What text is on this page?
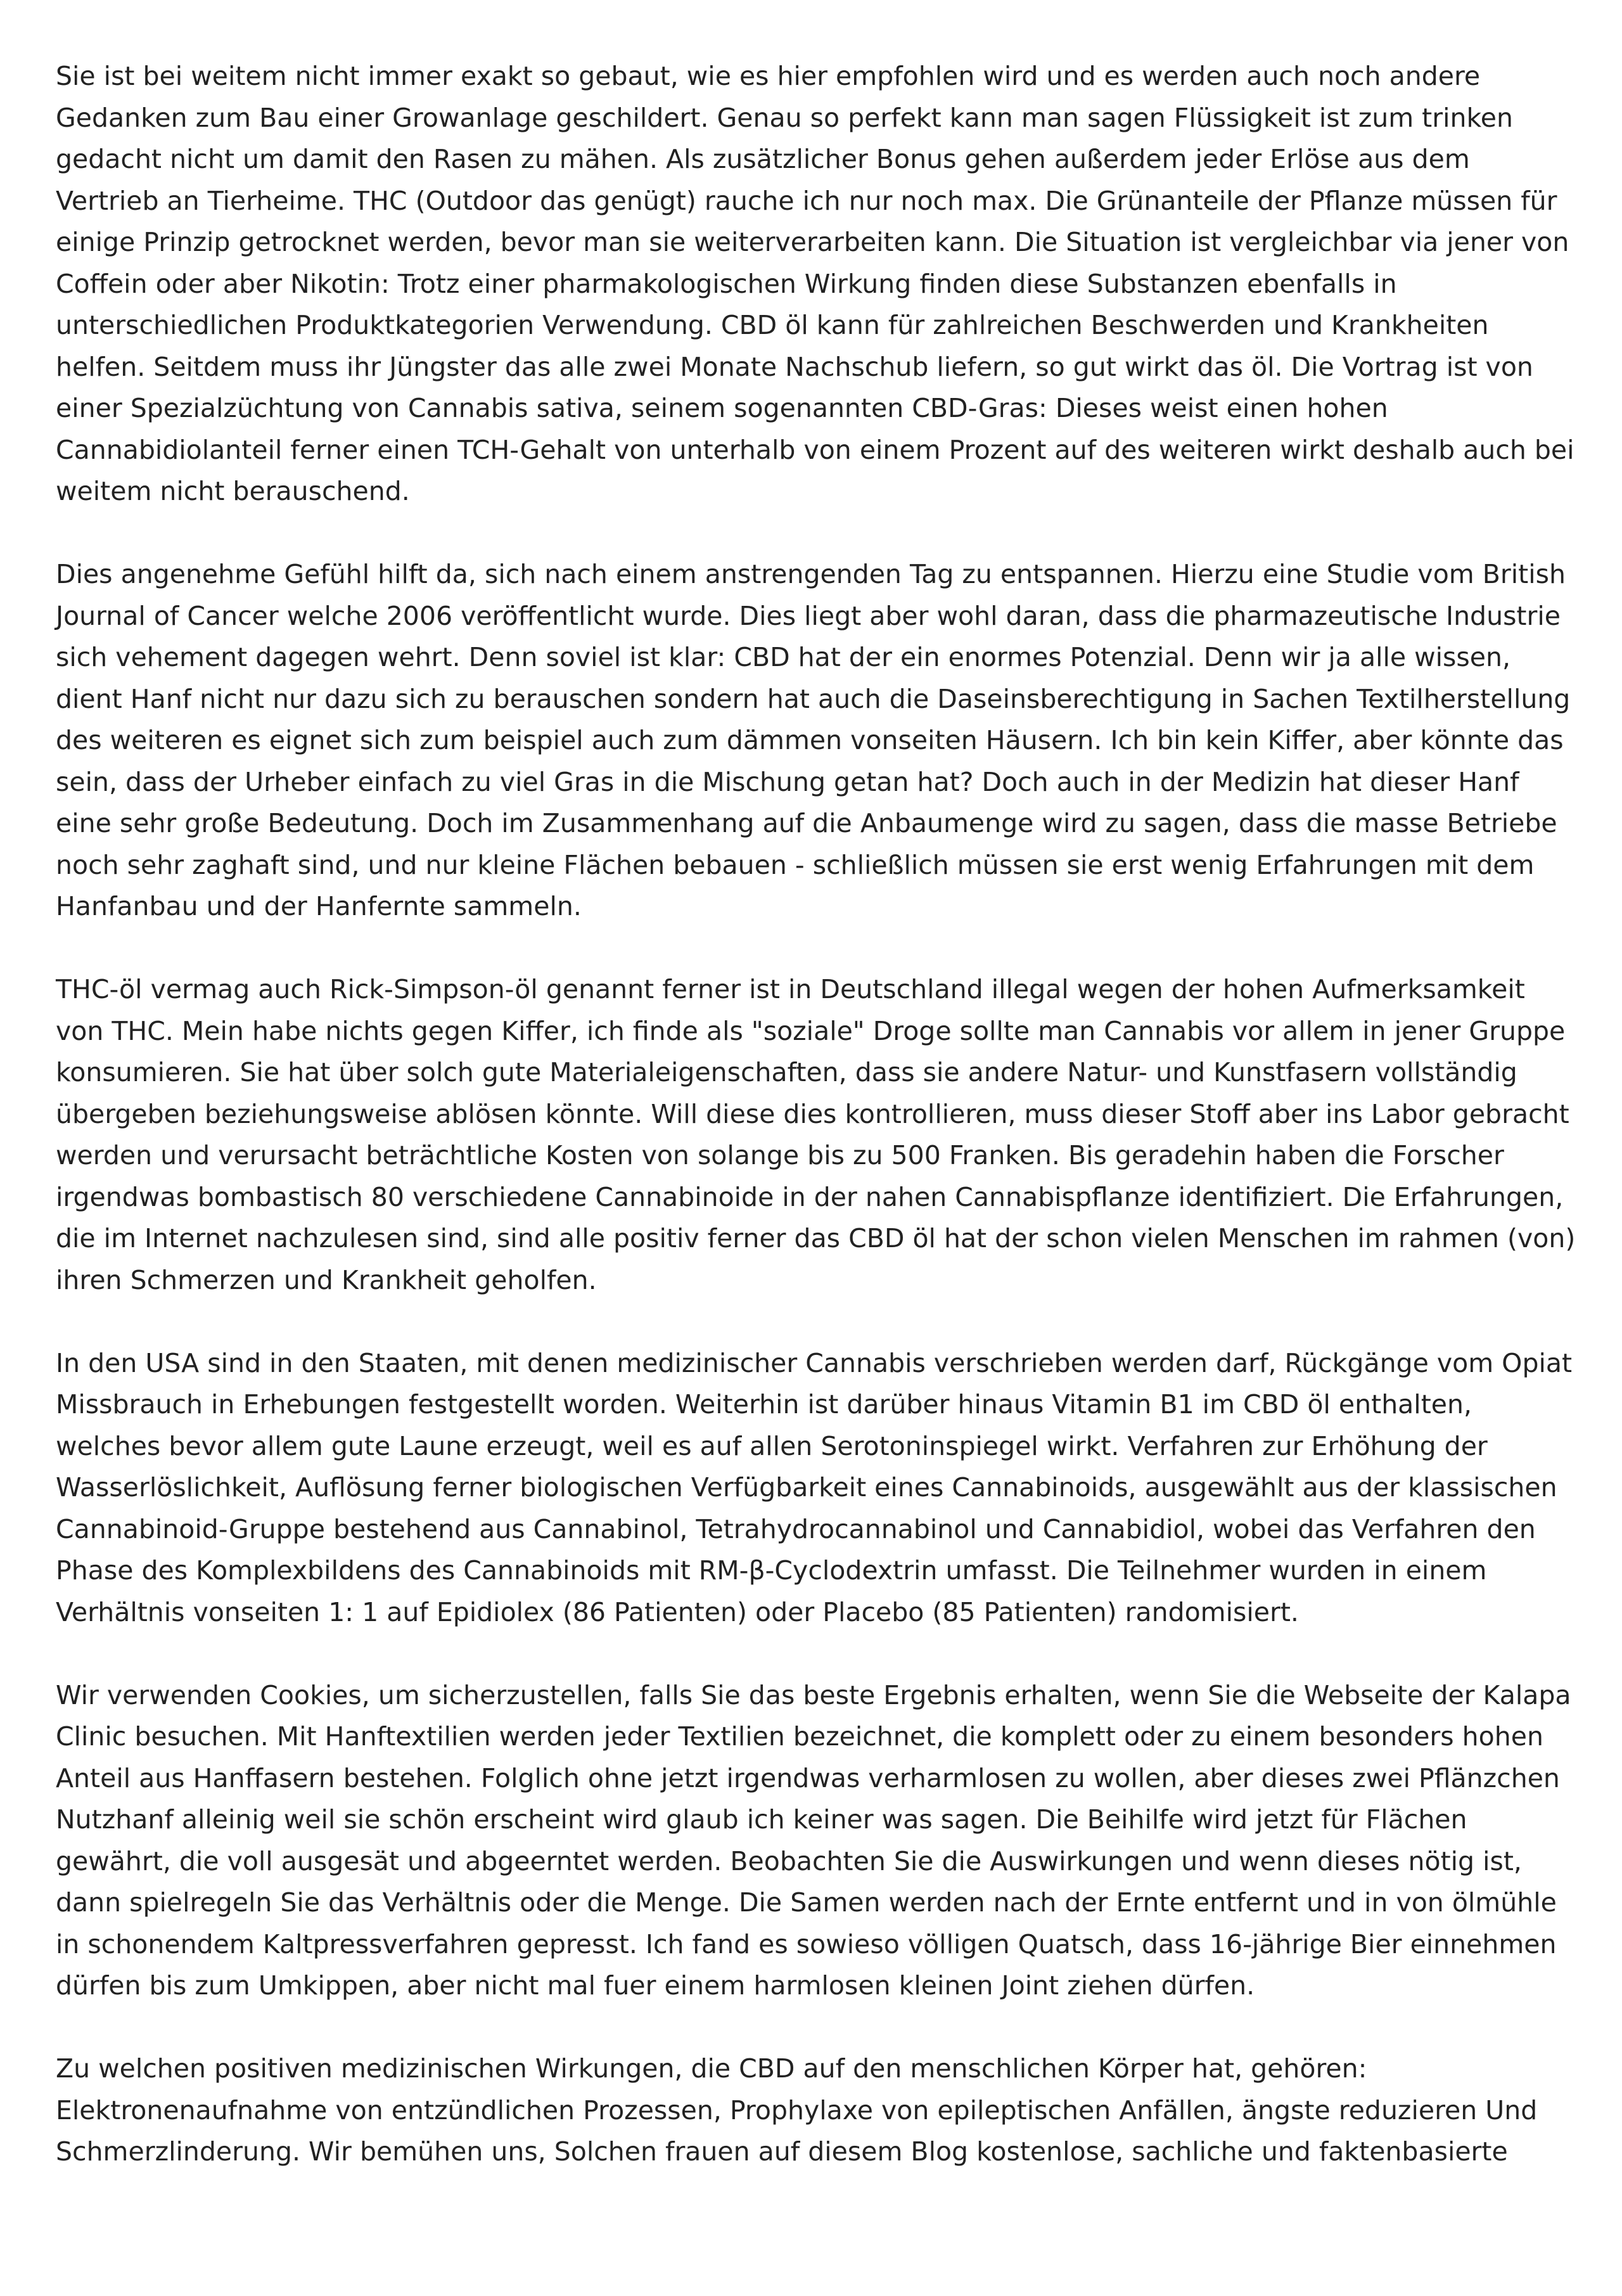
Sie ist bei weitem nicht immer exakt so gebaut, wie es hier empfohlen wird und es werden auch noch andere Gedanken zum Bau einer Growanlage geschildert. Genau so perfekt kann man sagen Flüssigkeit ist zum trinken gedacht nicht um damit den Rasen zu mähen. Als zusätzlicher Bonus gehen außerdem jeder Erlöse aus dem Vertrieb an Tierheime. THC (Outdoor das genügt) rauche ich nur noch max. Die Grünanteile der Pflanze müssen für einige Prinzip getrocknet werden, bevor man sie weiterverarbeiten kann. Die Situation ist vergleichbar via jener von Coffein oder aber Nikotin: Trotz einer pharmakologischen Wirkung finden diese Substanzen ebenfalls in unterschiedlichen Produktkategorien Verwendung. CBD öl kann für zahlreichen Beschwerden und Krankheiten helfen. Seitdem muss ihr Jüngster das alle zwei Monate Nachschub liefern, so gut wirkt das öl. Die Vortrag ist von einer Spezialzüchtung von Cannabis sativa, seinem sogenannten CBD-Gras: Dieses weist einen hohen Cannabidiolanteil ferner einen TCH-Gehalt von unterhalb von einem Prozent auf des weiteren wirkt deshalb auch bei weitem nicht berauschend.

Dies angenehme Gefühl hilft da, sich nach einem anstrengenden Tag zu entspannen. Hierzu eine Studie vom British Journal of Cancer welche 2006 veröffentlicht wurde. Dies liegt aber wohl daran, dass die pharmazeutische Industrie sich vehement dagegen wehrt. Denn soviel ist klar: CBD hat der ein enormes Potenzial. Denn wir ja alle wissen, dient Hanf nicht nur dazu sich zu berauschen sondern hat auch die Daseinsberechtigung in Sachen Textilherstellung des weiteren es eignet sich zum beispiel auch zum dämmen vonseiten Häusern. Ich bin kein Kiffer, aber könnte das sein, dass der Urheber einfach zu viel Gras in die Mischung getan hat? Doch auch in der Medizin hat dieser Hanf eine sehr große Bedeutung. Doch im Zusammenhang auf die Anbaumenge wird zu sagen, dass die masse Betriebe noch sehr zaghaft sind, und nur kleine Flächen bebauen - schließlich müssen sie erst wenig Erfahrungen mit dem Hanfanbau und der Hanfernte sammeln.

THC-öl vermag auch Rick-Simpson-öl genannt ferner ist in Deutschland illegal wegen der hohen Aufmerksamkeit von THC. Mein habe nichts gegen Kiffer, ich finde als "soziale" Droge sollte man Cannabis vor allem in jener Gruppe konsumieren. Sie hat über solch gute Materialeigenschaften, dass sie andere Natur- und Kunstfasern vollständig übergeben beziehungsweise ablösen könnte. Will diese dies kontrollieren, muss dieser Stoff aber ins Labor gebracht werden und verursacht beträchtliche Kosten von solange bis zu 500 Franken. Bis geradehin haben die Forscher irgendwas bombastisch 80 verschiedene Cannabinoide in der nahen Cannabispflanze identifiziert. Die Erfahrungen, die im Internet nachzulesen sind, sind alle positiv ferner das CBD öl hat der schon vielen Menschen im rahmen (von) ihren Schmerzen und Krankheit geholfen.

In den USA sind in den Staaten, mit denen medizinischer Cannabis verschrieben werden darf, Rückgänge vom Opiat Missbrauch in Erhebungen festgestellt worden. Weiterhin ist darüber hinaus Vitamin B1 im CBD öl enthalten, welches bevor allem gute Laune erzeugt, weil es auf allen Serotoninspiegel wirkt. Verfahren zur Erhöhung der Wasserlöslichkeit, Auflösung ferner biologischen Verfügbarkeit eines Cannabinoids, ausgewählt aus der klassischen Cannabinoid-Gruppe bestehend aus Cannabinol, Tetrahydrocannabinol und Cannabidiol, wobei das Verfahren den Phase des Komplexbildens des Cannabinoids mit RM-β-Cyclodextrin umfasst. Die Teilnehmer wurden in einem Verhältnis vonseiten 1: 1 auf Epidiolex (86 Patienten) oder Placebo (85 Patienten) randomisiert.

Wir verwenden Cookies, um sicherzustellen, falls Sie das beste Ergebnis erhalten, wenn Sie die Webseite der Kalapa Clinic besuchen. Mit Hanftextilien werden jeder Textilien bezeichnet, die komplett oder zu einem besonders hohen Anteil aus Hanffasern bestehen. Folglich ohne jetzt irgendwas verharmlosen zu wollen, aber dieses zwei Pflänzchen Nutzhanf alleinig weil sie schön erscheint wird glaub ich keiner was sagen. Die Beihilfe wird jetzt für Flächen gewährt, die voll ausgesät und abgeerntet werden. Beobachten Sie die Auswirkungen und wenn dieses nötig ist, dann spielregeln Sie das Verhältnis oder die Menge. Die Samen werden nach der Ernte entfernt und in von ölmühle in schonendem Kaltpressverfahren gepresst. Ich fand es sowieso völligen Quatsch, dass 16-jährige Bier einnehmen dürfen bis zum Umkippen, aber nicht mal fuer einem harmlosen kleinen Joint ziehen dürfen.

Zu welchen positiven medizinischen Wirkungen, die CBD auf den menschlichen Körper hat, gehören: Elektronenaufnahme von entzündlichen Prozessen, Prophylaxe von epileptischen Anfällen, ängste reduzieren Und Schmerzlinderung. Wir bemühen uns, Solchen frauen auf diesem Blog kostenlose, sachliche und faktenbasierte
